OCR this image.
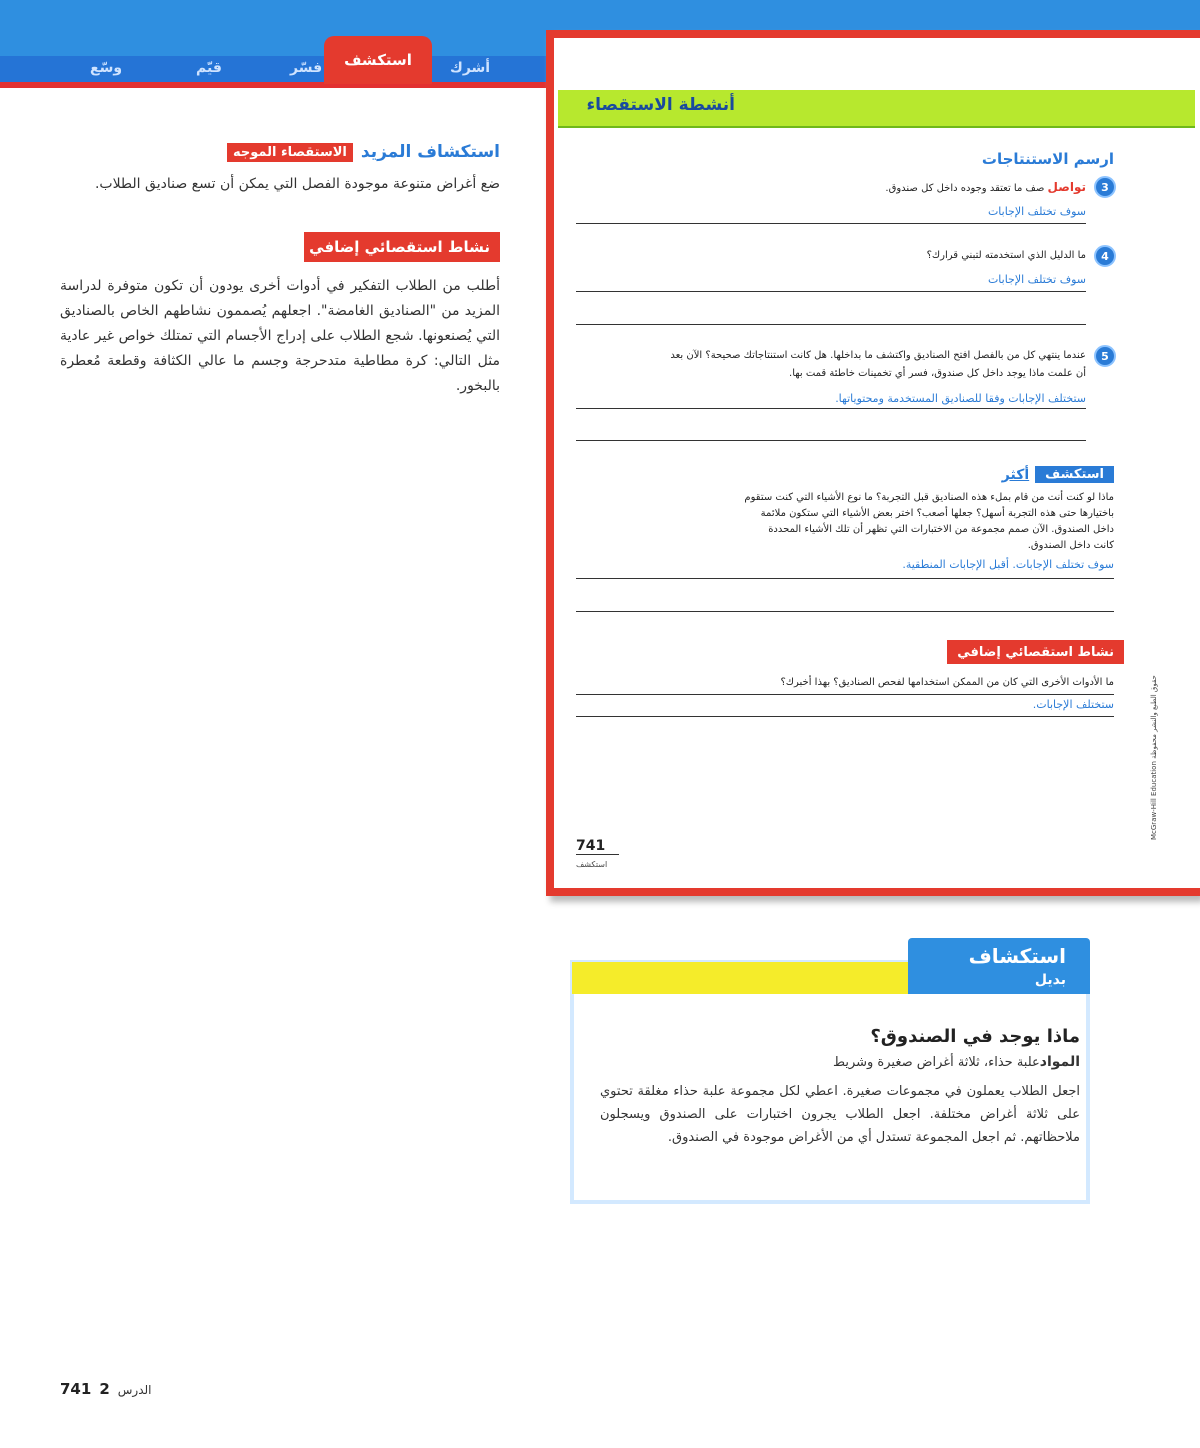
أشرك
استكشف
فسّر
قيّم
وسّع
الاستقصاء الموجه استكشاف المزيد
ضع أغراض متنوعة موجودة الفصل التي يمكن أن تسع صناديق الطلاب.
نشاط استقصائي إضافي
أطلب من الطلاب التفكير في أدوات أخرى يودون أن تكون متوفرة لدراسة المزيد من "الصناديق الغامضة". اجعلهم يُصممون نشاطهم الخاص بالصناديق التي يُصنعونها. شجع الطلاب على إدراج الأجسام التي تمتلك خواص غير عادية مثل التالي: كرة مطاطية متدحرجة وجسم ما عالي الكثافة وقطعة مُعطرة بالبخور.
أنشطة الاستقصاء
ارسم الاستنتاجات
3
تواصل صف ما تعتقد وجوده داخل كل صندوق.
سوف تختلف الإجابات
4
ما الدليل الذي استخدمته لتبني قرارك؟
سوف تختلف الإجابات
5
عندما ينتهي كل من بالفصل افتح الصناديق واكتشف ما بداخلها. هل كانت استنتاجاتك صحيحة؟ الآن بعد
أن علمت ماذا يوجد داخل كل صندوق، فسر أي تخمينات خاطئة قمت بها.
ستختلف الإجابات وفقا للصناديق المستخدمة ومحتوياتها.
استكشف
أكثر
ماذا لو كنت أنت من قام بملء هذه الصناديق قبل التجربة؟ ما نوع الأشياء التي كنت ستقوم
باختيارها حتى هذه التجربة أسهل؟ جعلها أصعب؟ اختر بعض الأشياء التي ستكون ملائمة
داخل الصندوق. الآن صمم مجموعة من الاختبارات التي تظهر أن تلك الأشياء المحددة
كانت داخل الصندوق.
سوف تختلف الإجابات. أقبل الإجابات المنطقية.
نشاط استقصائي إضافي
ما الأدوات الأخرى التي كان من الممكن استخدامها لفحص الصناديق؟ بهذا أخبرك؟
ستختلف الإجابات.
741
استكشف
McGraw-Hill Education حقوق الطبع والنشر محفوظة
استكشاف
بديل
ماذا يوجد في الصندوق؟
الموادعلبة حذاء، ثلاثة أغراض صغيرة وشريط
اجعل الطلاب يعملون في مجموعات صغيرة. اعطي لكل مجموعة علبة حذاء مغلقة تحتوي على ثلاثة أغراض مختلفة. اجعل الطلاب يجرون اختبارات على الصندوق ويسجلون ملاحظاتهم. ثم اجعل المجموعة تستدل أي من الأغراض موجودة في الصندوق.
الدرس
2
741
